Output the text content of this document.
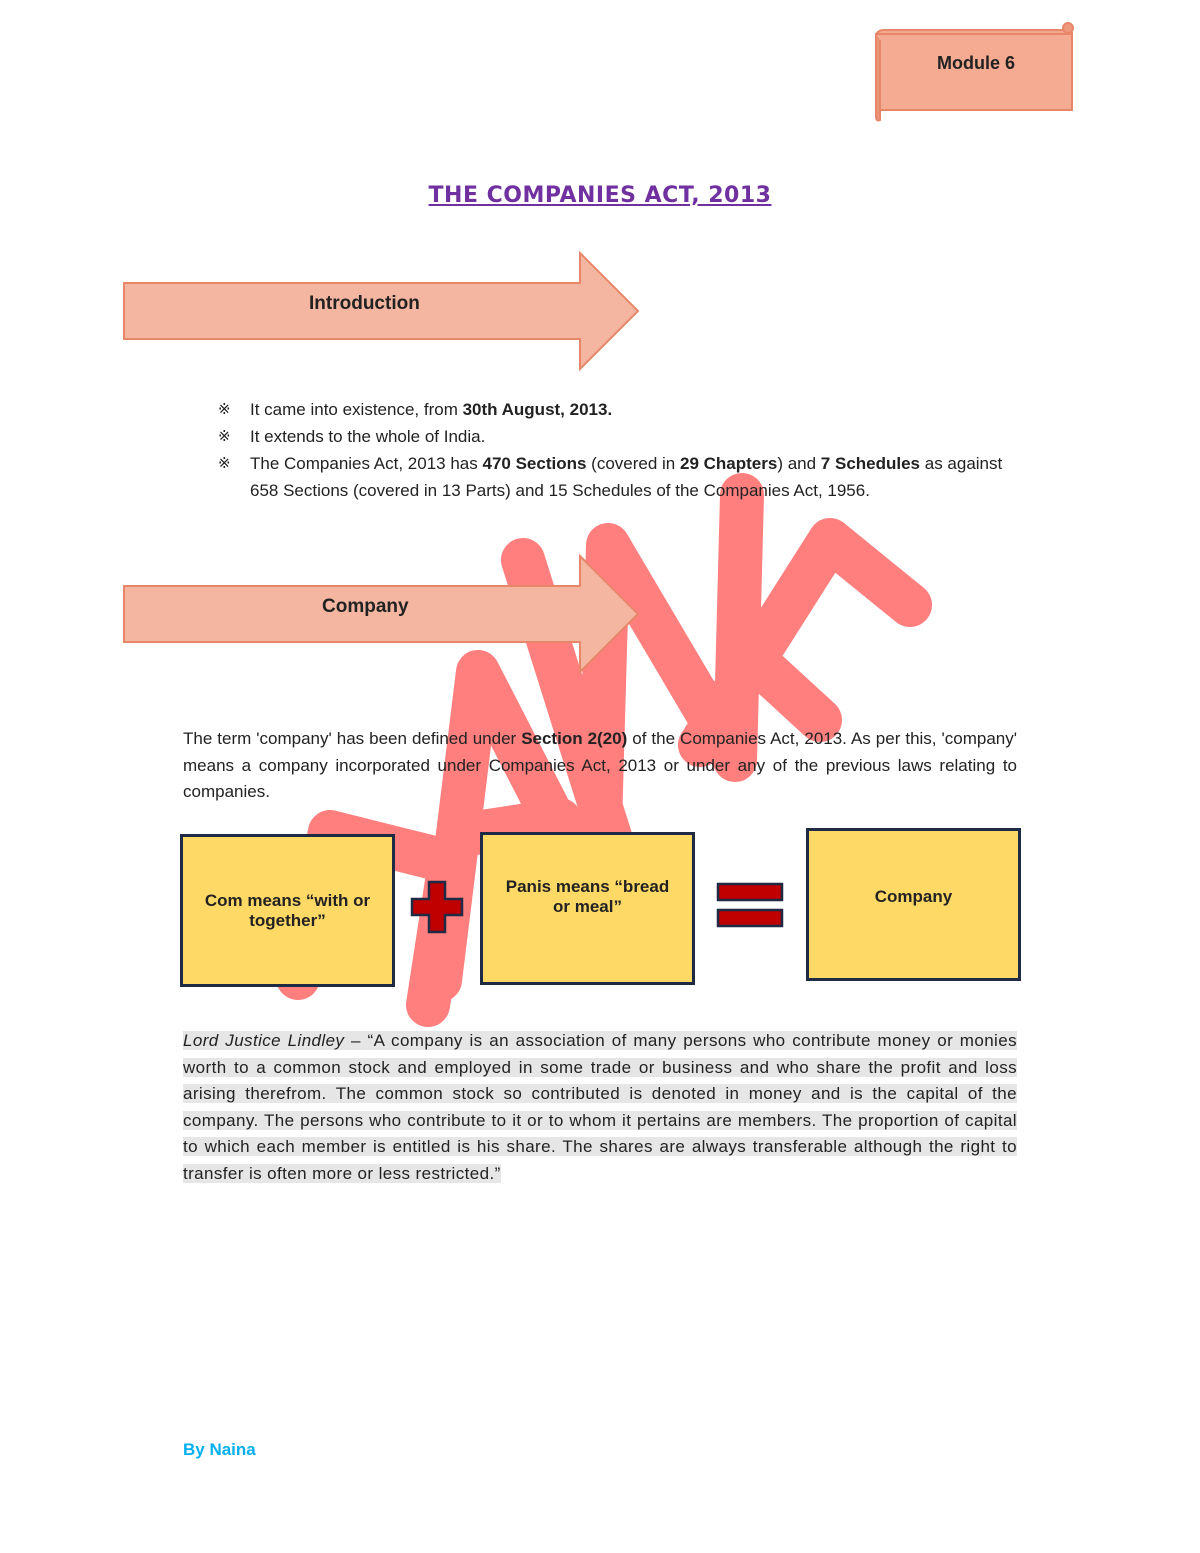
Module 6
THE COMPANIES ACT, 2013
Introduction
※ It came into existence, from 30th August, 2013.
※ It extends to the whole of India.
※ The Companies Act, 2013 has 470 Sections (covered in 29 Chapters) and 7 Schedules as against 658 Sections (covered in 13 Parts) and 15 Schedules of the Companies Act, 1956.
Company
The term 'company' has been defined under Section 2(20) of the Companies Act, 2013. As per this, 'company' means a company incorporated under Companies Act, 2013 or under any of the previous laws relating to companies.
Com means “with or together”
Panis means “bread or meal”
Company
Lord Justice Lindley – “A company is an association of many persons who contribute money or monies worth to a common stock and employed in some trade or business and who share the profit and loss arising therefrom. The common stock so contributed is denoted in money and is the capital of the company. The persons who contribute to it or to whom it pertains are members. The proportion of capital to which each member is entitled is his share. The shares are always transferable although the right to transfer is often more or less restricted.”
By Naina
